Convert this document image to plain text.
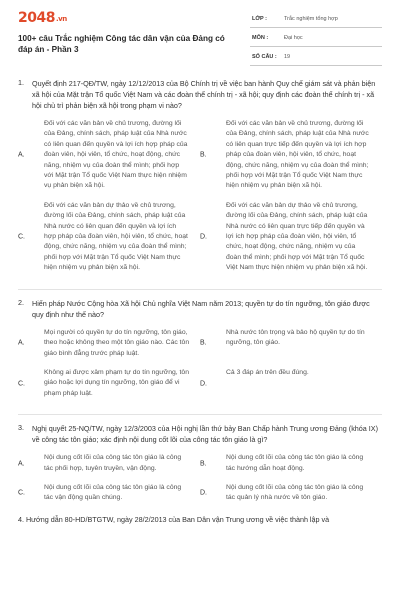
2048.vn
100+ câu Trắc nghiệm Công tác dân vận của Đảng có đáp án - Phần 3
LỚP :	Trắc nghiệm tổng hợp
MÔN :	Đại học
SỐ CÂU : 19
1. Quyết định 217-QĐ/TW, ngày 12/12/2013 của Bộ Chính trị về việc ban hành Quy chế giám sát và phản biện xã hội của Mặt trận Tổ quốc Việt Nam và các đoàn thể chính trị - xã hội; quy định các đoàn thể chính trị - xã hội chủ trì phản biện xã hội trong phạm vi nào?
A.
Đối với các văn bản về chủ trương, đường lối của Đảng, chính sách, pháp luật của Nhà nước có liên quan đến quyền và lợi ích hợp pháp của đoàn viên, hội viên, tổ chức, hoạt động, chức năng, nhiệm vụ của đoàn thể mình; phối hợp với Mặt trận Tổ quốc Việt Nam thực hiện nhiệm vụ phản biện xã hội.
B.
Đối với các văn bản về chủ trương, đường lối của Đảng, chính sách, pháp luật của Nhà nước có liên quan trực tiếp đến quyền và lợi ích hợp pháp của đoàn viên, hội viên, tổ chức, hoạt động, chức năng, nhiệm vụ của đoàn thể mình; phối hợp với Mặt trận Tổ quốc Việt Nam thực hiện nhiệm vụ phản biện xã hội.
C.
Đối với các văn bản dự thảo về chủ trương, đường lối của Đảng, chính sách, pháp luật của Nhà nước có liên quan đến quyền và lợi ích hợp pháp của đoàn viên, hội viên, tổ chức, hoạt động, chức năng, nhiệm vụ của đoàn thể mình; phối hợp với Mặt trận Tổ quốc Việt Nam thực hiện nhiệm vụ phản biện xã hội.
D.
Đối với các văn bản dự thảo về chủ trương, đường lối của Đảng, chính sách, pháp luật của Nhà nước có liên quan trực tiếp đến quyền và lợi ích hợp pháp của đoàn viên, hội viên, tổ chức, hoạt động, chức năng, nhiệm vụ của đoàn thể mình; phối hợp với Mặt trận Tổ quốc Việt Nam thực hiện nhiệm vụ phản biện xã hội.
2. Hiến pháp Nước Cộng hòa Xã hội Chủ nghĩa Việt Nam năm 2013; quyền tự do tín ngưỡng, tôn giáo được quy định như thế nào?
A.
Mọi người có quyền tự do tín ngưỡng, tôn giáo, theo hoặc không theo một tôn giáo nào. Các tôn giáo bình đẳng trước pháp luật.
B.
Nhà nước tôn trọng và bảo hộ quyền tự do tín ngưỡng, tôn giáo.
C.
Không ai được xâm phạm tự do tín ngưỡng, tôn giáo hoặc lợi dụng tín ngưỡng, tôn giáo để vi phạm pháp luật.
D.
Cả 3 đáp án trên đều đúng.
3. Nghị quyết 25-NQ/TW, ngày 12/3/2003 của Hội nghị lần thứ bảy Ban Chấp hành Trung ương Đảng (khóa IX) về công tác tôn giáo; xác định nội dung cốt lõi của công tác tôn giáo là gì?
A.
Nội dung cốt lõi của công tác tôn giáo là công tác phối hợp, tuyên truyền, vận động.
B.
Nội dung cốt lõi của công tác tôn giáo là công tác hướng dẫn hoạt động.
C.
Nội dung cốt lõi của công tác tôn giáo là công tác vận động quần chúng.
D.
Nội dung cốt lõi của công tác tôn giáo là công tác quản lý nhà nước về tôn giáo.
4. Hướng dẫn 80-HD/BTGTW, ngày 28/2/2013 của Ban Dân vận Trung ương về việc thành lập và
